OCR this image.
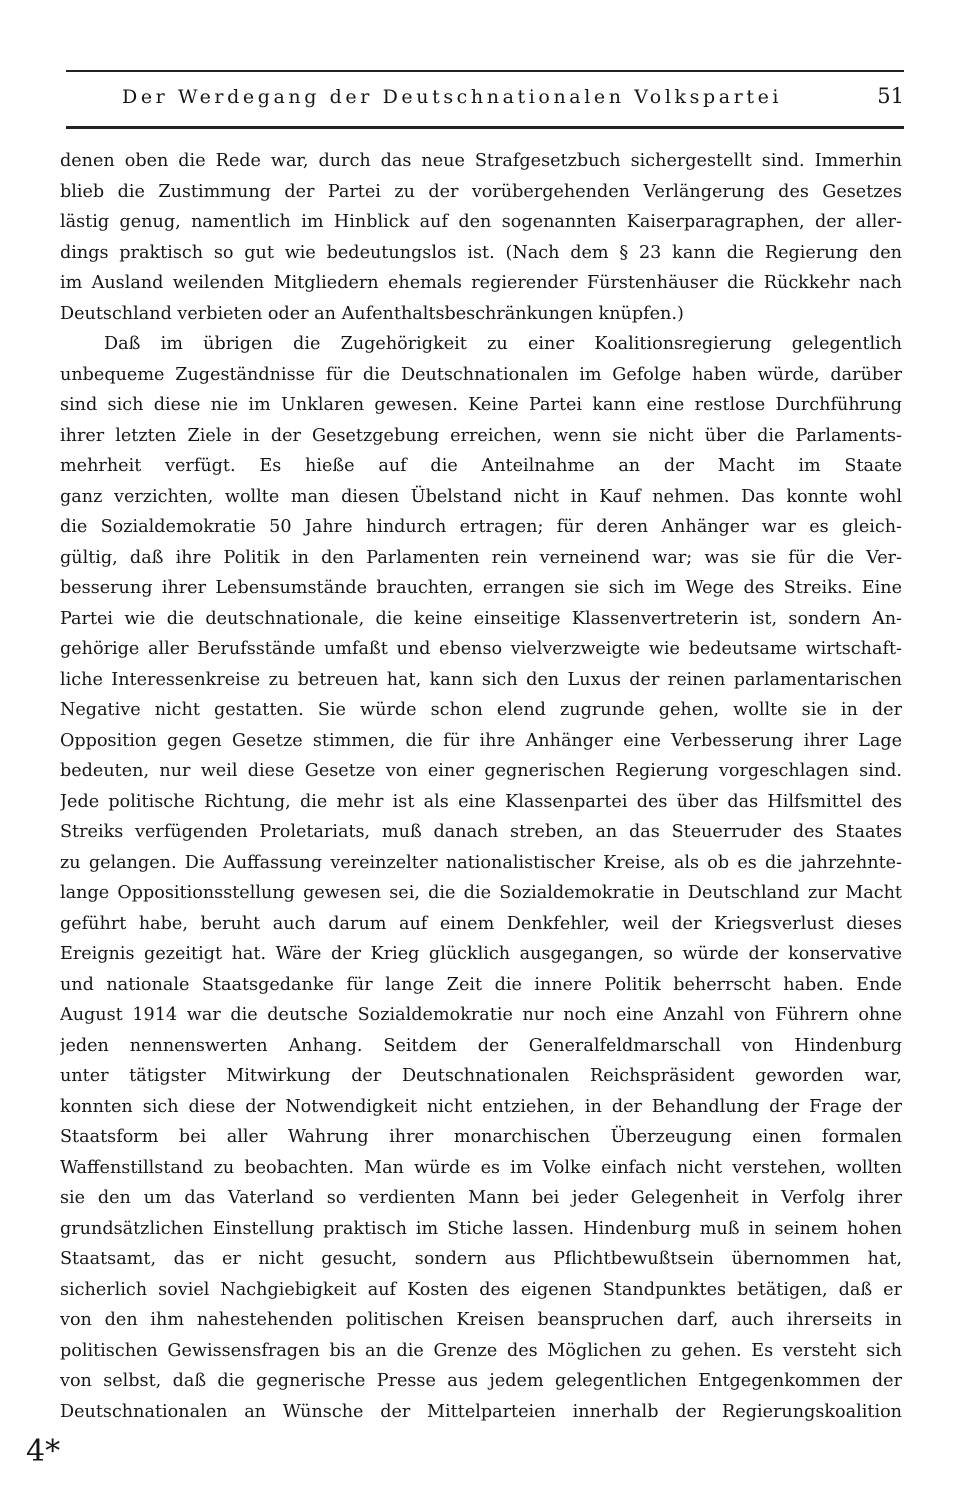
Der Werdegang der Deutschnationalen Volkspartei	51
denen oben die Rede war, durch das neue Strafgesetzbuch sichergestellt sind. Immerhin
blieb die Zustimmung der Partei zu der vorübergehenden Verlängerung des Gesetzes
lästig genug, namentlich im Hinblick auf den sogenannten Kaiserparagraphen, der aller-
dings praktisch so gut wie bedeutungslos ist. (Nach dem § 23 kann die Regierung den
im Ausland weilenden Mitgliedern ehemals regierender Fürstenhäuser die Rückkehr nach
Deutschland verbieten oder an Aufenthaltsbeschränkungen knüpfen.)
Daß im übrigen die Zugehörigkeit zu einer Koalitionsregierung gelegentlich
unbequeme Zugeständnisse für die Deutschnationalen im Gefolge haben würde, darüber
sind sich diese nie im Unklaren gewesen. Keine Partei kann eine restlose Durchführung
ihrer letzten Ziele in der Gesetzgebung erreichen, wenn sie nicht über die Parlaments-
mehrheit verfügt. Es hieße auf die Anteilnahme an der Macht im Staate
ganz verzichten, wollte man diesen Übelstand nicht in Kauf nehmen. Das konnte wohl
die Sozialdemokratie 50 Jahre hindurch ertragen; für deren Anhänger war es gleich-
gültig, daß ihre Politik in den Parlamenten rein verneinend war; was sie für die Ver-
besserung ihrer Lebensumstände brauchten, errangen sie sich im Wege des Streiks. Eine
Partei wie die deutschnationale, die keine einseitige Klassenvertreterin ist, sondern An-
gehörige aller Berufsstände umfaßt und ebenso vielverzweigte wie bedeutsame wirtschaft-
liche Interessenkreise zu betreuen hat, kann sich den Luxus der reinen parlamentarischen
Negative nicht gestatten. Sie würde schon elend zugrunde gehen, wollte sie in der
Opposition gegen Gesetze stimmen, die für ihre Anhänger eine Verbesserung ihrer Lage
bedeuten, nur weil diese Gesetze von einer gegnerischen Regierung vorgeschlagen sind.
Jede politische Richtung, die mehr ist als eine Klassenpartei des über das Hilfsmittel des
Streiks verfügenden Proletariats, muß danach streben, an das Steuerruder des Staates
zu gelangen. Die Auffassung vereinzelter nationalistischer Kreise, als ob es die jahrzehnte-
lange Oppositionsstellung gewesen sei, die die Sozialdemokratie in Deutschland zur Macht
geführt habe, beruht auch darum auf einem Denkfehler, weil der Kriegsverlust dieses
Ereignis gezeitigt hat. Wäre der Krieg glücklich ausgegangen, so würde der konservative
und nationale Staatsgedanke für lange Zeit die innere Politik beherrscht haben. Ende
August 1914 war die deutsche Sozialdemokratie nur noch eine Anzahl von Führern ohne
jeden nennenswerten Anhang. Seitdem der Generalfeldmarschall von Hindenburg
unter tätigster Mitwirkung der Deutschnationalen Reichspräsident geworden war,
konnten sich diese der Notwendigkeit nicht entziehen, in der Behandlung der Frage der
Staatsform bei aller Wahrung ihrer monarchischen Überzeugung einen formalen
Waffenstillstand zu beobachten. Man würde es im Volke einfach nicht verstehen, wollten
sie den um das Vaterland so verdienten Mann bei jeder Gelegenheit in Verfolg ihrer
grundsätzlichen Einstellung praktisch im Stiche lassen. Hindenburg muß in seinem hohen
Staatsamt, das er nicht gesucht, sondern aus Pflichtbewußtsein übernommen hat,
sicherlich soviel Nachgiebigkeit auf Kosten des eigenen Standpunktes betätigen, daß er
von den ihm nahestehenden politischen Kreisen beanspruchen darf, auch ihrerseits in
politischen Gewissensfragen bis an die Grenze des Möglichen zu gehen. Es versteht sich
von selbst, daß die gegnerische Presse aus jedem gelegentlichen Entgegenkommen der
Deutschnationalen an Wünsche der Mittelparteien innerhalb der Regierungskoalition
4*
